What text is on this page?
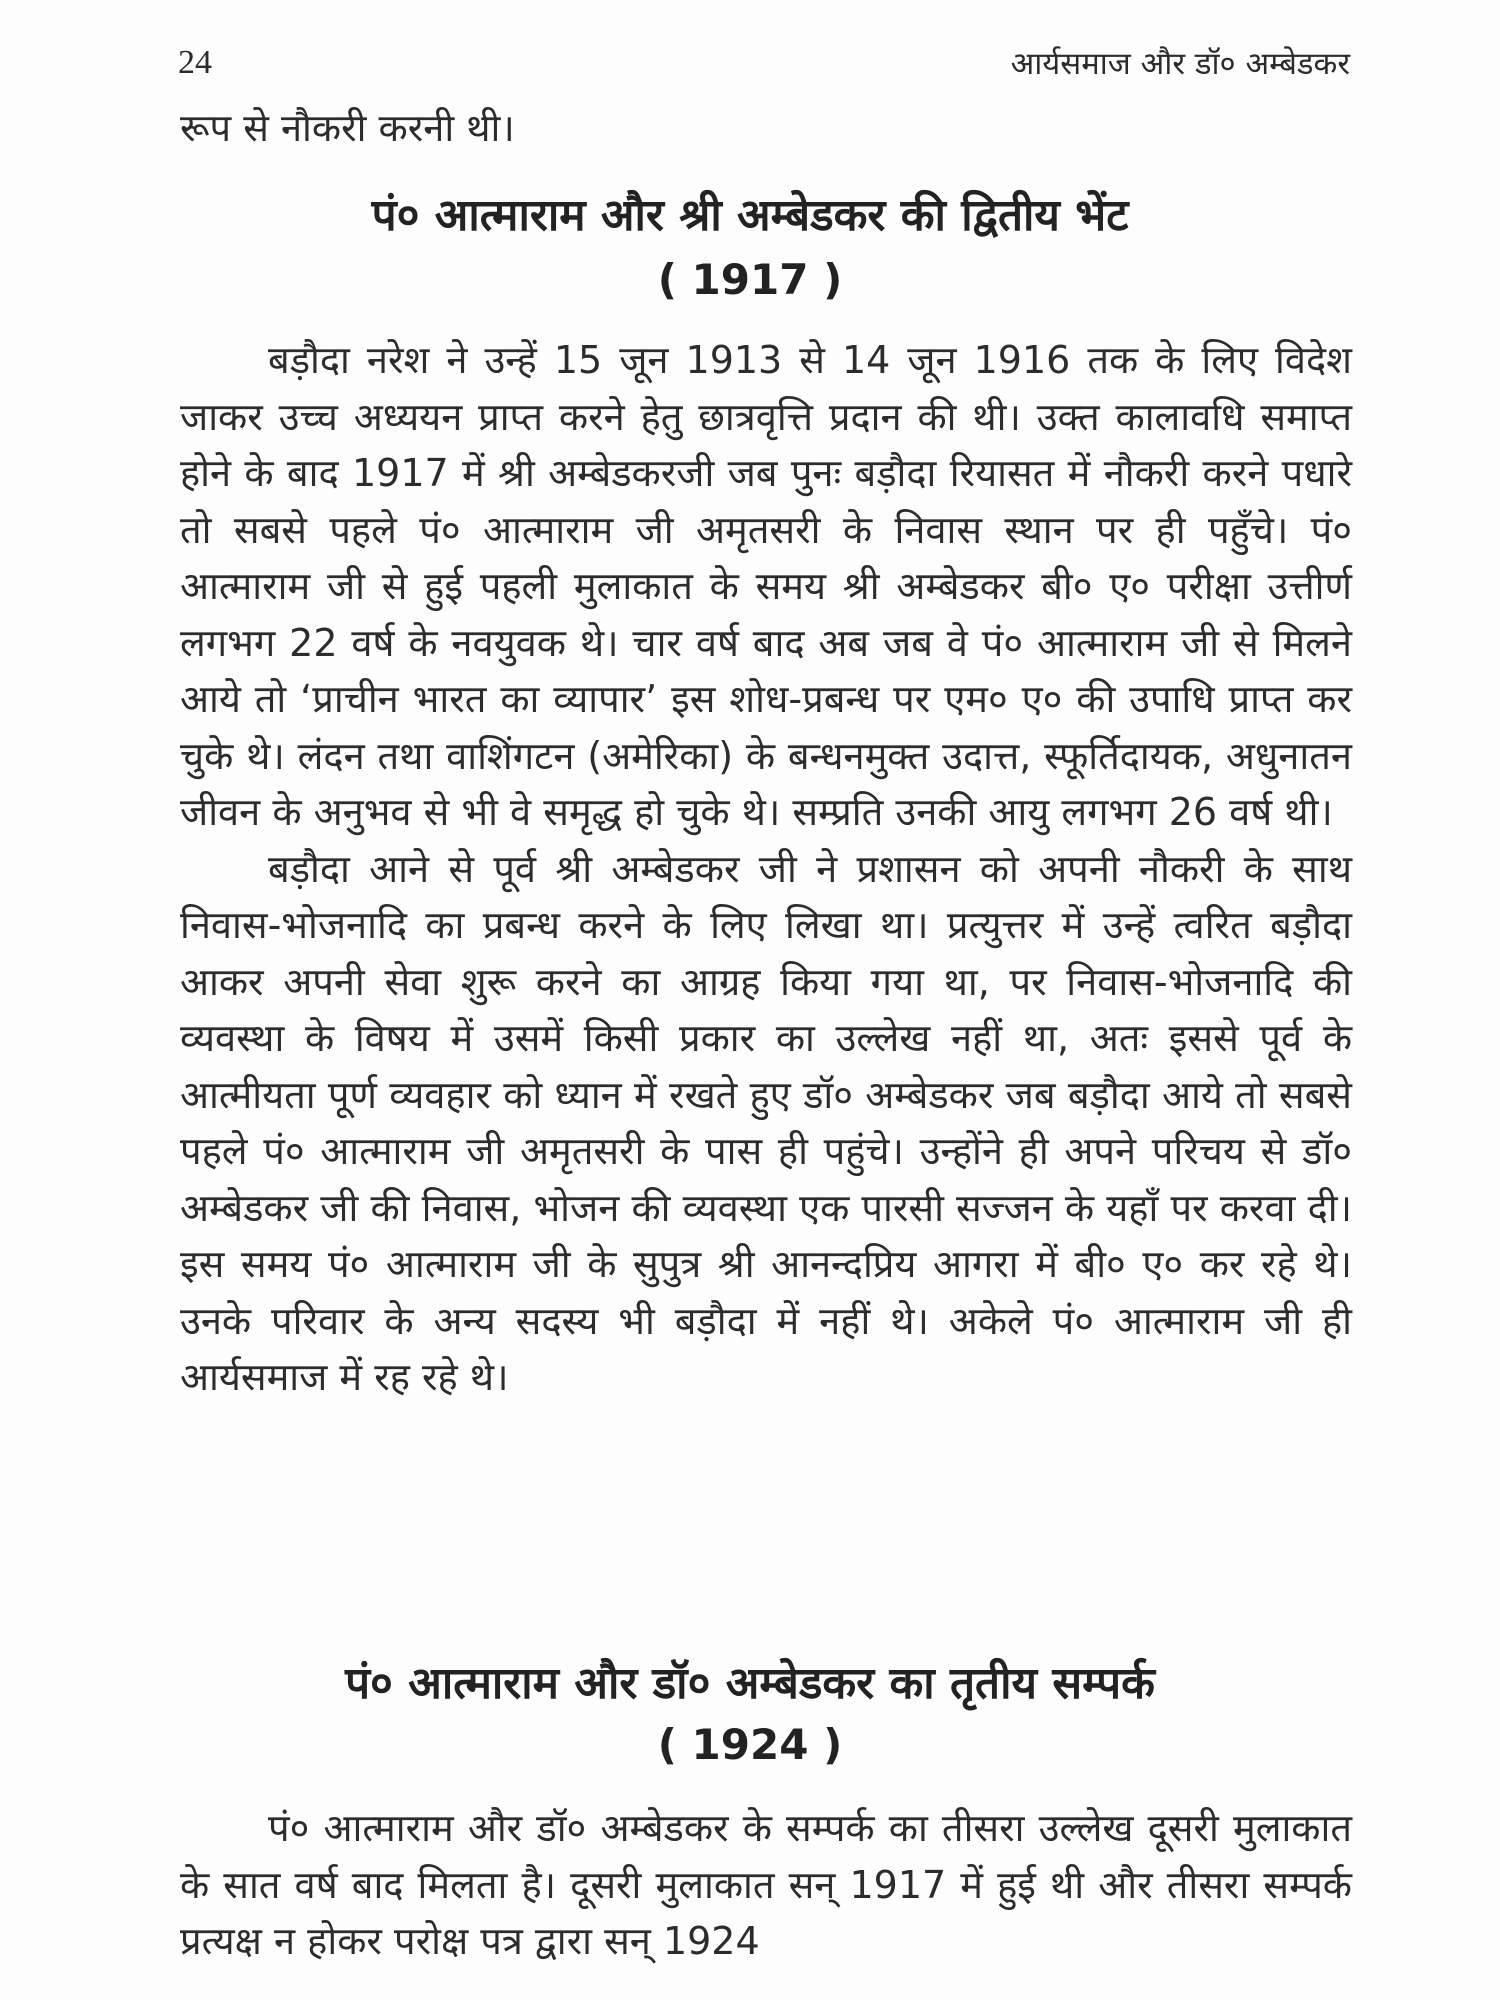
24	आर्यसमाज और डॉ० अम्बेडकर
रूप से नौकरी करनी थी।
पं० आत्माराम और श्री अम्बेडकर की द्वितीय भेंट
( 1917 )

बड़ौदा नरेश ने उन्हें 15 जून 1913 से 14 जून 1916 तक के लिए विदेश जाकर उच्च अध्ययन प्राप्त करने हेतु छात्रवृत्ति प्रदान की थी। उक्त कालावधि समाप्त होने के बाद 1917 में श्री अम्बेडकरजी जब पुनः बड़ौदा रियासत में नौकरी करने पधारे तो सबसे पहले पं० आत्माराम जी अमृतसरी के निवास स्थान पर ही पहुँचे। पं० आत्माराम जी से हुई पहली मुलाकात के समय श्री अम्बेडकर बी० ए० परीक्षा उत्तीर्ण लगभग 22 वर्ष के नवयुवक थे। चार वर्ष बाद अब जब वे पं० आत्माराम जी से मिलने आये तो ‘प्राचीन भारत का व्यापार’ इस शोध-प्रबन्ध पर एम० ए० की उपाधि प्राप्त कर चुके थे। लंदन तथा वाशिंगटन (अमेरिका) के बन्धनमुक्त उदात्त, स्फूर्तिदायक, अधुनातन जीवन के अनुभव से भी वे समृद्ध हो चुके थे। सम्प्रति उनकी आयु लगभग 26 वर्ष थी।

बड़ौदा आने से पूर्व श्री अम्बेडकर जी ने प्रशासन को अपनी नौकरी के साथ निवास-भोजनादि का प्रबन्ध करने के लिए लिखा था। प्रत्युत्तर में उन्हें त्वरित बड़ौदा आकर अपनी सेवा शुरू करने का आग्रह किया गया था, पर निवास-भोजनादि की व्यवस्था के विषय में उसमें किसी प्रकार का उल्लेख नहीं था, अतः इससे पूर्व के आत्मीयता पूर्ण व्यवहार को ध्यान में रखते हुए डॉ० अम्बेडकर जब बड़ौदा आये तो सबसे पहले पं० आत्माराम जी अमृतसरी के पास ही पहुंचे। उन्होंने ही अपने परिचय से डॉ० अम्बेडकर जी की निवास, भोजन की व्यवस्था एक पारसी सज्जन के यहाँ पर करवा दी। इस समय पं० आत्माराम जी के सुपुत्र श्री आनन्दप्रिय आगरा में बी० ए० कर रहे थे। उनके परिवार के अन्य सदस्य भी बड़ौदा में नहीं थे। अकेले पं० आत्माराम जी ही आर्यसमाज में रह रहे थे।

पं० आत्माराम और डॉ० अम्बेडकर का तृतीय सम्पर्क
( 1924 )

पं० आत्माराम और डॉ० अम्बेडकर के सम्पर्क का तीसरा उल्लेख दूसरी मुलाकात के सात वर्ष बाद मिलता है। दूसरी मुलाकात सन् 1917 में हुई थी और तीसरा सम्पर्क प्रत्यक्ष न होकर परोक्ष पत्र द्वारा सन् 1924
